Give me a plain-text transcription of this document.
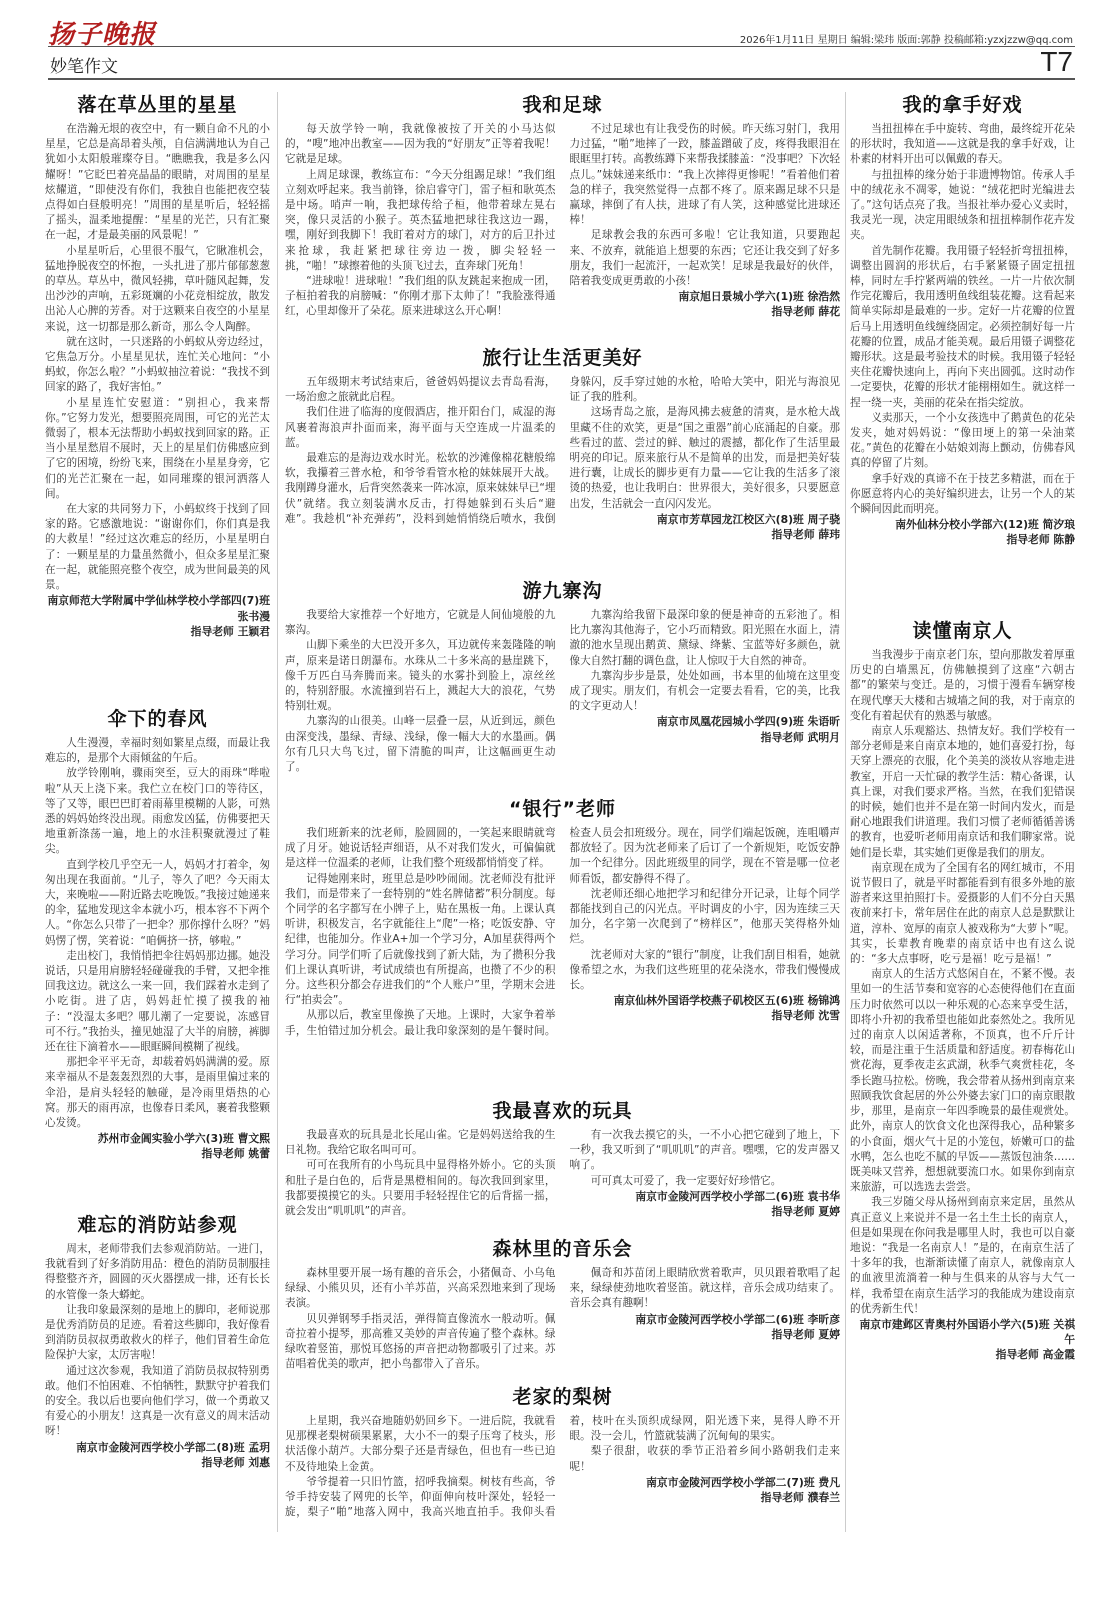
扬子晚报	2026年1月11日 星期日 编辑:梁玮 版面:郭静 投稿邮箱:yzxjzzw@qq.com
妙笔作文	T7
落在草丛里的星星

在浩瀚无垠的夜空中，有一颗自命不凡的小星星，它总是高昂着头颅，自信满满地认为自己犹如小太阳般璀璨夺目。“瞧瞧我，我是多么闪耀呀！”它眨巴着亮晶晶的眼睛，对周围的星星炫耀道，“即使没有你们，我独自也能把夜空装点得如白昼般明亮！”周围的星星听后，轻轻摇了摇头，温柔地提醒：“星星的光芒，只有汇聚在一起，才是最美丽的风景呢！”

小星星听后，心里很不服气，它瞅准机会，猛地挣脱夜空的怀抱，一头扎进了那片郁郁葱葱的草丛。草丛中，微风轻拂，草叶随风起舞，发出沙沙的声响，五彩斑斓的小花竞相绽放，散发出沁人心脾的芳香。对于这颗来自夜空的小星星来说，这一切都是那么新奇，那么令人陶醉。

就在这时，一只迷路的小蚂蚁从旁边经过，它焦急万分。小星星见状，连忙关心地问：“小蚂蚁，你怎么啦？”小蚂蚁抽泣着说：“我找不到回家的路了，我好害怕。”

小星星连忙安慰道：“别担心，我来帮你。”它努力发光，想要照亮周围，可它的光芒太微弱了，根本无法帮助小蚂蚁找到回家的路。正当小星星愁眉不展时，天上的星星们仿佛感应到了它的困境，纷纷飞来，围绕在小星星身旁，它们的光芒汇聚在一起，如同璀璨的银河洒落人间。

在大家的共同努力下，小蚂蚁终于找到了回家的路。它感激地说：“谢谢你们，你们真是我的大救星！”经过这次难忘的经历，小星星明白了：一颗星星的力量虽然微小，但众多星星汇聚在一起，就能照亮整个夜空，成为世间最美的风景。

南京师范大学附属中学仙林学校小学部四(7)班 张书漫
指导老师 王颖君
伞下的春风

人生漫漫，幸福时刻如繁星点缀，而最让我难忘的，是那个大雨倾盆的午后。

放学铃刚响，骤雨突至，豆大的雨珠“哔啦啦”从天上浇下来。我伫立在校门口的等待区，等了又等，眼巴巴盯着雨幕里模糊的人影，可熟悉的妈妈始终没出现。雨愈发凶猛，仿佛要把天地重新涤荡一遍，地上的水洼积聚就漫过了鞋尖。

直到学校几乎空无一人，妈妈才打着伞，匆匆出现在我面前。“儿子，等久了吧？今天雨太大，来晚啦——附近路去吃晚饭。”我接过她递来的伞，猛地发现这伞本就小巧，根本容不下两个人。“你怎么只带了一把伞？那你撑什么呀？”妈妈愣了愣，笑着说：“咱俩挤一挤，够啦。”

走出校门，我悄悄把伞往妈妈那边挪。她没说话，只是用肩膀轻轻碰碰我的手臂，又把伞推回我这边。就这么一来一回，我们踩着水走到了小吃街。进了店，妈妈赶忙摸了摸我的袖子：“没湿太多吧？哪儿潮了一定要说，冻感冒可不行。”我抬头，撞见她湿了大半的肩膀，裤脚还在往下滴着水——眼眶瞬间模糊了视线。

那把伞平平无奇，却载着妈妈满满的爱。原来幸福从不是轰轰烈烈的大事，是雨里偏过来的伞沿，是肩头轻轻的触碰，是冷雨里焐热的心窝。那天的雨再凉，也像春日柔风，裹着我整颗心发烫。

苏州市金阊实验小学六(3)班 曹文熙
指导老师 姚蕾
难忘的消防站参观

周末，老师带我们去参观消防站。一进门，我就看到了好多消防用品：橙色的消防员制服挂得整整齐齐，圆圆的灭火器摆成一排，还有长长的水管像一条大蟒蛇。

让我印象最深刻的是地上的脚印，老师说那是优秀消防员的足迹。看着这些脚印，我好像看到消防员叔叔勇敢救火的样子，他们冒着生命危险保护大家，太厉害啦！

通过这次参观，我知道了消防员叔叔特别勇敢。他们不怕困难、不怕牺牲，默默守护着我们的安全。我以后也要向他们学习，做一个勇敢又有爱心的小朋友！这真是一次有意义的周末活动呀！

南京市金陵河西学校小学部二(8)班 孟玥
指导老师 刘惠
我和足球

每天放学铃一响，我就像被按了开关的小马达似的，“嗖”地冲出教室——因为我的“好朋友”正等着我呢！它就是足球。

上周足球课，教练宣布：“今天分组踢足球！”我们组立刻欢呼起来。我当前锋，徐启睿守门，雷子桓和耿英杰是中场。哨声一响，我把球传给子桓，他带着球左晃右突，像只灵活的小猴子。英杰猛地把球往我这边一踢，嘿，刚好到我脚下！我盯着对方的球门，对方的后卫扑过来抢球，我赶紧把球往旁边一拨，脚尖轻轻一挑，“啪！”球擦着他的头顶飞过去，直奔球门死角！

“进球啦！进球啦！”我们组的队友跳起来抱成一团，子桓拍着我的肩膀喊：“你刚才那下太帅了！”我脸涨得通红，心里却像开了朵花。原来进球这么开心啊！

不过足球也有让我受伤的时候。昨天练习射门，我用力过猛，“啪”地摔了一跤，膝盖蹭破了皮，疼得我眼泪在眼眶里打转。高教练蹲下来帮我揉膝盖：“没事吧？下次轻点儿。”妹妹递来纸巾：“我上次摔得更惨呢！”看着他们着急的样子，我突然觉得一点都不疼了。原来踢足球不只是赢球，摔倒了有人扶，进球了有人笑，这种感觉比进球还棒！

足球教会我的东西可多啦！它让我知道，只要跑起来、不放弃，就能追上想要的东西；它还让我交到了好多朋友，我们一起流汗，一起欢笑！足球是我最好的伙伴，陪着我变成更勇敢的小孩！

南京旭日景城小学六(1)班 徐浩然
指导老师 薛花
旅行让生活更美好

五年级期末考试结束后，爸爸妈妈提议去青岛看海，一场治愈之旅就此启程。

我们住进了临海的度假酒店，推开阳台门，咸湿的海风裹着海浪声扑面而来，海平面与天空连成一片温柔的蓝。

最难忘的是海边戏水时光。松软的沙滩像棉花糖般绵软，我攥着三普水枪，和爷爷看管水枪的妹妹展开大战。我刚蹲身灌水，后背突然袭来一阵冰凉，原来妹妹早已“埋伏”就绪。我立刻装满水反击，打得她躲到石头后“避难”。我趁机“补充弹药”，没料到她悄悄绕后喷水，我倒身躲闪，反手穿过她的水枪，哈哈大笑中，阳光与海浪见证了我的胜利。

这场青岛之旅，是海风拂去疲惫的清爽，是水枪大战里藏不住的欢笑，更是“国之重器”前心底涌起的自豪。那些看过的蓝、尝过的鲜、触过的震撼，都化作了生活里最明亮的印记。原来旅行从不是简单的出发，而是把美好装进行囊，让成长的脚步更有力量——它让我的生活多了滚烫的热爱，也让我明白：世界很大，美好很多，只要愿意出发，生活就会一直闪闪发光。

南京市芳草园龙江校区六(8)班 周子骁
指导老师 薛玮
游九寨沟

我要给大家推荐一个好地方，它就是人间仙境般的九寨沟。

山脚下乘坐的大巴没开多久，耳边就传来轰隆隆的响声，原来是诺日朗瀑布。水珠从二十多米高的悬崖跳下，像千万匹白马奔腾而来。镜头的水雾扑到脸上，凉丝丝的，特别舒服。水流撞到岩石上，溅起大大的浪花，气势特别壮观。

九寨沟的山很美。山峰一层叠一层，从近到远，颜色由深变浅，墨绿、青绿、浅绿，像一幅大大的水墨画。偶尔有几只大鸟飞过，留下清脆的叫声，让这幅画更生动了。

九寨沟给我留下最深印象的便是神奇的五彩池了。相比九寨沟其他海子，它小巧而精致。阳光照在水面上，清澈的池水呈现出鹅黄、黛绿、绛紫、宝蓝等好多颜色，就像大自然打翻的调色盘，让人惊叹于大自然的神奇。

九寨沟步步是景，处处如画，书本里的仙境在这里变成了现实。朋友们，有机会一定要去看看，它的美，比我的文字更动人！

南京市凤凰花园城小学四(9)班 朱语昕
指导老师 武明月
“银行”老师

我们班新来的沈老师，脸圆圆的，一笑起来眼睛就弯成了月牙。她说话轻声细语，从不对我们发火，可偏偏就是这样一位温柔的老师，让我们整个班级都悄悄变了样。

记得她刚来时，班里总是吵吵闹闹。沈老师没有批评我们，而是带来了一套特别的“姓名牌储蓄”积分制度。每个同学的名字都写在小牌子上，贴在黑板一角。上课认真听讲，积极发言，名字就能往上“爬”一格；吃饭安静、守纪律，也能加分。作业A+加一个学习分，A加星获得两个学习分。同学们听了后就像找到了新大陆，为了攒积分我们上课认真听讲，考试成绩也有所提高，也攒了不少的积分。这些积分都会存进我们的“个人账户”里，学期末会进行“拍卖会”。

从那以后，教室里像换了天地。上课时，大家争着举手，生怕错过加分机会。最让我印象深刻的是午餐时间。检查人员会扣班级分。现在，同学们端起饭碗，连咀嚼声都放轻了。因为沈老师来了后订了一个新规矩，吃饭安静加一个纪律分。因此班级里的同学，现在不管是哪一位老师看饭，都安静得不得了。

沈老师还细心地把学习和纪律分开记录，让每个同学都能找到自己的闪光点。平时调皮的小宇，因为连续三天加分，名字第一次爬到了“榜样区”，他那天笑得格外灿烂。

沈老师对大家的“银行”制度，让我们刮目相看，她就像希望之水，为我们这些班里的花朵浇水，带我们慢慢成长。

南京仙林外国语学校燕子矶校区五(6)班 杨锦鸿
指导老师 沈雪
我最喜欢的玩具

我最喜欢的玩具是北长尾山雀。它是妈妈送给我的生日礼物。我给它取名叫可可。

可可在我所有的小鸟玩具中显得格外娇小。它的头顶和肚子是白色的，后背是黑橙相间的。每次我回到家里，我都要摸摸它的头。只要用手轻轻捏住它的后背摇一摇，就会发出“叽叽叽”的声音。

有一次我去摸它的头，一不小心把它碰到了地上，下一秒，我又听到了“叽叽叽”的声音。嘿嘿，它的发声器又响了。

可可真太可爱了，我一定要好好珍惜它。

南京市金陵河西学校小学部二(6)班 袁书华
指导老师 夏婷
森林里的音乐会

森林里要开展一场有趣的音乐会，小猪佩奇、小乌龟绿绿、小熊贝贝，还有小羊苏苗，兴高采烈地来到了现场表演。

贝贝弹钢琴手指灵活，弹得简直像流水一般动听。佩奇拉着小提琴，那高雅又美妙的声音传遍了整个森林。绿绿吹着竖笛，那悦耳悠扬的声音把动物都吸引了过来。苏苗唱着优美的歌声，把小鸟都带入了音乐。

佩奇和苏苗闭上眼睛欣赏着歌声，贝贝跟着歌唱了起来，绿绿使劲地吹着竖笛。就这样，音乐会成功结束了。音乐会真有趣啊！

南京市金陵河西学校小学部二(6)班 李昕彦
指导老师 夏婷
老家的梨树

上星期，我兴奋地随奶奶回乡下。一进后院，我就看见那棵老梨树硕果累累，大小不一的梨子压弯了枝头，形状活像小葫芦。大部分梨子还是青绿色，但也有一些已迫不及待地染上金黄。

爷爷提着一只旧竹篮，招呼我摘梨。树枝有些高，爷爷手持安装了网兜的长竿，仰面伸向枝叶深处，轻轻一旋，梨子“啪”地落入网中，我高兴地直拍手。我仰头看着，枝叶在头顶织成绿网，阳光透下来，晃得人睁不开眼。没一会儿，竹篮就装满了沉甸甸的果实。

梨子很甜，收获的季节正沿着乡间小路朝我们走来呢！

南京市金陵河西学校小学部二(7)班 费凡
指导老师 濮春兰
我的拿手好戏

当扭扭棒在手中旋转、弯曲，最终绽开花朵的形状时，我知道——这就是我的拿手好戏，让朴素的材料开出可以佩戴的春天。

与扭扭棒的缘分始于非遗博物馆。传承人手中的绒花永不凋零，她说：“绒花把时光编进去了。”这句话点亮了我。当报社举办爱心义卖时，我灵光一现，决定用眼绒条和扭扭棒制作花卉发夹。

首先制作花瓣。我用镊子轻轻折弯扭扭棒，调整出圆润的形状后，右手紧紧镊子固定扭扭棒，同时左手拧紧两端的铁丝。一片一片依次制作完花瓣后，我用透明鱼线组装花瓣。这看起来简单实际却是最难的一步。定好一片花瓣的位置后马上用透明鱼线缠绕固定。必须控制好每一片花瓣的位置，成品才能美观。最后用镊子调整花瓣形状。这是最考验技术的时候。我用镊子轻轻夹住花瓣快速向上，再向下夹出圆弧。这时动作一定要快，花瓣的形状才能栩栩如生。就这样一捏一绕一夹，美丽的花朵在指尖绽放。

义卖那天，一个小女孩选中了鹅黄色的花朵发夹，她对妈妈说：“像田埂上的第一朵油菜花。”黄色的花瓣在小姑娘刘海上颤动，仿佛春风真的停留了片刻。

拿手好戏的真谛不在于技艺多精湛，而在于你愿意将内心的美好编织进去，让另一个人的某个瞬间因此而明亮。

南外仙林分校小学部六(12)班 简汐琅
指导老师 陈静
读懂南京人

当我漫步于南京老门东，望向那散发着厚重历史的白墙黑瓦，仿佛触摸到了这座“六朝古都”的繁荣与变迁。是的，习惯于漫看车辆穿梭在现代摩天大楼和古城墙之间的我，对于南京的变化有着起伏有的熟悉与敏感。

南京人乐观豁达、热情友好。我们学校有一部分老师是来自南京本地的，她们喜爱打扮，每天穿上漂亮的衣服，化个美美的淡妆从容地走进教室，开启一天忙碌的教学生活：精心备课，认真上课，对我们要求严格。当然，在我们犯错误的时候，她们也并不是在第一时间内发火，而是耐心地跟我们讲道理。我们习惯了老师循循善诱的教育，也爱听老师用南京话和我们聊家常。说她们是长辈，其实她们更像是我们的朋友。

南京现在成为了全国有名的网红城市，不用说节假日了，就是平时都能看到有很多外地的旅游者来这里拍照打卡。爱摄影的人们不分白天黑夜前来打卡，常年居住在此的南京人总是默默让道，淳朴、宽厚的南京人被戏称为“大萝卜”呢。其实，长辈教育晚辈的南京话中也有这么说的：“多大点事呀，吃亏是福！吃亏是福！”

南京人的生活方式悠闲自在，不紧不慢。表里如一的生活节奏和宽容的心态使得他们在直面压力时依然可以以一种乐观的心态来享受生活，即将小升初的我希望也能如此泰然处之。我所见过的南京人以闲适著称，不顶真，也不斤斤计较，而是注重于生活质量和舒适度。初春梅花山赏花海，夏季夜走玄武湖，秋季气爽赏桂花，冬季长跑马拉松。傍晚，我会带着从扬州到南京来照顾我饮食起居的外公外婆去家门口的南京眼散步，那里，是南京一年四季晚景的最佳观赏处。此外，南京人的饮食文化也深得我心，品种繁多的小食面，烟火气十足的小笼包，娇嫩可口的盐水鸭，怎么也吃不腻的早饭——蒸饭包油条……既美味又营养，想想就要流口水。如果你到南京来旅游，可以选选去尝尝。

我三岁随父母从扬州到南京来定居，虽然从真正意义上来说并不是一名土生土长的南京人，但是如果现在你问我是哪里人时，我也可以自豪地说：“我是一名南京人！”是的，在南京生活了十多年的我，也渐渐读懂了南京人，就像南京人的血液里流淌着一种与生俱来的从容与大气一样，我希望在南京生活学习的我能成为建设南京的优秀新生代！

南京市建邺区青奥村外国语小学六(5)班 关祺午
指导老师 高金霞
